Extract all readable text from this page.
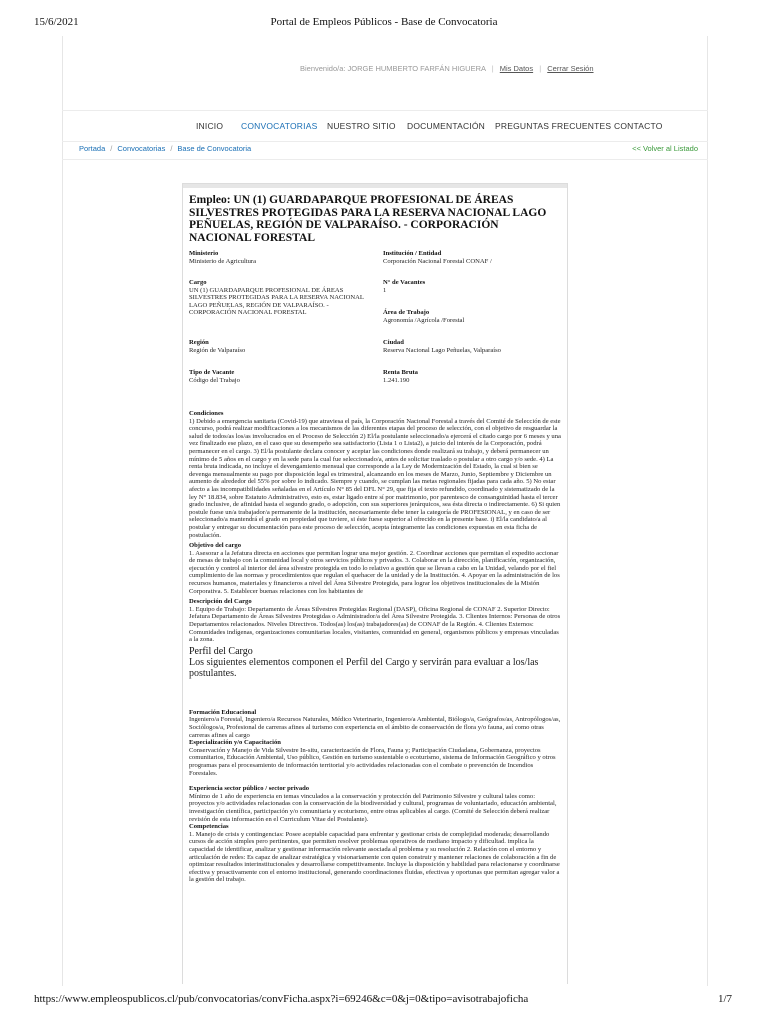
15/6/2021	Portal de Empleos Públicos - Base de Convocatoria
Bienvenido/a: JORGE HUMBERTO FARFÁN HIGUERA | Mis Datos | Cerrar Sesión
INICIO CONVOCATORIAS NUESTRO SITIO DOCUMENTACIÓN PREGUNTAS FRECUENTES CONTACTO
Portada / Convocatorias / Base de Convocatoria	<< Volver al Listado
Empleo: UN (1) GUARDAPARQUE PROFESIONAL DE ÁREAS SILVESTRES PROTEGIDAS PARA LA RESERVA NACIONAL LAGO PEÑUELAS, REGIÓN DE VALPARAÍSO. - CORPORACIÓN NACIONAL FORESTAL
Ministerio
Ministerio de Agricultura
Institución / Entidad
Corporación Nacional Forestal CONAF /
Cargo
UN (1) GUARDAPARQUE PROFESIONAL DE ÁREAS SILVESTRES PROTEGIDAS PARA LA RESERVA NACIONAL LAGO PEÑUELAS, REGIÓN DE VALPARAÍSO. - CORPORACIÓN NACIONAL FORESTAL
N° de Vacantes
1
Área de Trabajo
Agronomía /Agrícola /Forestal
Región
Región de Valparaíso
Ciudad
Reserva Nacional Lago Peñuelas, Valparaíso
Tipo de Vacante
Código del Trabajo
Renta Bruta
1.241.190
Condiciones
1) Debido a emergencia sanitaria (Covid-19) que atraviesa el país, la Corporación Nacional Forestal a través del Comité de Selección de este concurso, podrá realizar modificaciones a los mecanismos de las diferentes etapas del proceso de selección, con el objetivo de resguardar la salud de todos/as los/as involucrados en el Proceso de Selección 2) El/la postulante seleccionado/a ejercerá el citado cargo por 6 meses y una vez finalizado ese plazo, en el caso que su desempeño sea satisfactorio (Lista 1 o Lista2), a juicio del interés de la Corporación, podrá permanecer en el cargo. 3) El/la postulante declara conocer y aceptar las condiciones donde realizará su trabajo, y deberá permanecer un mínimo de 5 años en el cargo y en la sede para la cual fue seleccionado/a, antes de solicitar traslado o postular a otro cargo y/o sede. 4) La renta bruta indicada, no incluye el devengamiento mensual que corresponde a la Ley de Modernización del Estado, la cual si bien se devenga mensualmente su pago por disposición legal es trimestral, alcanzando en los meses de Marzo, Junio, Septiembre y Diciembre un aumento de alrededor del 55% por sobre lo indicado. Siempre y cuando, se cumplan las metas regionales fijadas para cada año. 5) No estar afecto a las incompatibilidades señaladas en el Artículo N° 85 del DFL N° 29, que fija el texto refundido, coordinado y sistematizado de la ley N° 18.834, sobre Estatuto Administrativo, esto es, estar ligado entre sí por matrimonio, por parentesco de consanguinidad hasta el tercer grado inclusive, de afinidad hasta el segundo grado, o adopción, con sus superiores jerárquicos, sea ésta directa o indirectamente. 6) Si quien postule fuese un/a trabajador/a permanente de la institución, necesariamente debe tener la categoría de PROFESIONAL, y en caso de ser seleccionado/a mantendrá el grado en propiedad que tuviere, si éste fuese superior al ofrecido en la presente base. i) El/la candidato/a al postular y entregar su documentación para este proceso de selección, acepta íntegramente las condiciones expuestas en esta ficha de postulación.
Objetivo del cargo
1. Asesorar a la Jefatura directa en acciones que permitan lograr una mejor gestión. 2. Coordinar acciones que permitan el expedito accionar de mesas de trabajo con la comunidad local y otros servicios públicos y privados. 3. Colaborar en la dirección, planificación, organización, ejecución y control al interior del área silvestre protegida en todo lo relativo a gestión que se llevan a cabo en la Unidad, velando por el fiel cumplimiento de las normas y procedimientos que regulan el quehacer de la unidad y de la Institución. 4. Apoyar en la administración de los recursos humanos, materiales y financieros a nivel del Área Silvestre Protegida, para lograr los objetivos institucionales de la Misión Corporativa. 5. Establecer buenas relaciones con los habitantes de
Descripción del Cargo
1. Equipo de Trabajo: Departamento de Áreas Silvestres Protegidas Regional (DASP), Oficina Regional de CONAF 2. Superior Directo: Jefatura Departamento de Áreas Silvestres Protegidas o Administrador/a del Área Silvestre Protegida. 3. Clientes Internos: Personas de otros Departamentos relacionados. Niveles Directivos. Todos(as) los(as) trabajadores(as) de CONAF de la Región. 4. Clientes Externos: Comunidades indígenas, organizaciones comunitarias locales, visitantes, comunidad en general, organismos públicos y empresas vinculadas a la zona.
Perfil del Cargo
Los siguientes elementos componen el Perfil del Cargo y servirán para evaluar a los/las postulantes.
Formación Educacional
Ingeniero/a Forestal, Ingeniero/a Recursos Naturales, Médico Veterinario, Ingeniero/a Ambiental, Biólogo/a, Geógrafos/as, Antropólogos/as, Sociólogos/a, Profesional de carreras afines al turismo con experiencia en el ámbito de conservación de flora y/o fauna, así como otras carreras afines al cargo
Especialización y/o Capacitación
Conservación y Manejo de Vida Silvestre In-situ, caracterización de Flora, Fauna y; Participación Ciudadana, Gobernanza, proyectos comunitarios, Educación Ambiental, Uso público, Gestión en turismo sustentable o ecoturismo, sistema de Información Geográfico y otros programas para el procesamiento de información territorial y/o actividades relacionadas con el combate o prevención de Incendios Forestales.
Experiencia sector público / sector privado
Mínimo de 1 año de experiencia en temas vinculados a la conservación y protección del Patrimonio Silvestre y cultural tales como: proyectos y/o actividades relacionadas con la conservación de la biodiversidad y cultural, programas de voluntariado, educación ambiental, investigación científica, participación y/o comunitaria y ecoturismo, entre otras aplicables al cargo. (Comité de Selección deberá realizar revisión de esta información en el Curriculum Vitae del Postulante).
Competencias
1. Manejo de crisis y contingencias: Posee aceptable capacidad para enfrentar y gestionar crisis de complejidad moderada; desarrollando cursos de acción simples pero pertinentes, que permiten resolver problemas operativos de mediano impacto y dificultad. implica la capacidad de identificar, analizar y gestionar información relevante asociada al problema y su resolución 2. Relación con el entorno y articulación de redes: Es capaz de analizar estratégica y visionariamente con quien construir y mantener relaciones de colaboración a fin de optimizar resultados interinstitucionales y desarrollarse competitivamente. Incluye la disposición y habilidad para relacionarse y coordinarse efectiva y proactivamente con el entorno institucional, generando coordinaciones fluidas, efectivas y oportunas que permitan agregar valor a la gestión del trabajo.
https://www.empleospublicos.cl/pub/convocatorias/convFicha.aspx?i=69246&c=0&j=0&tipo=avisotrabajoficha	1/7
